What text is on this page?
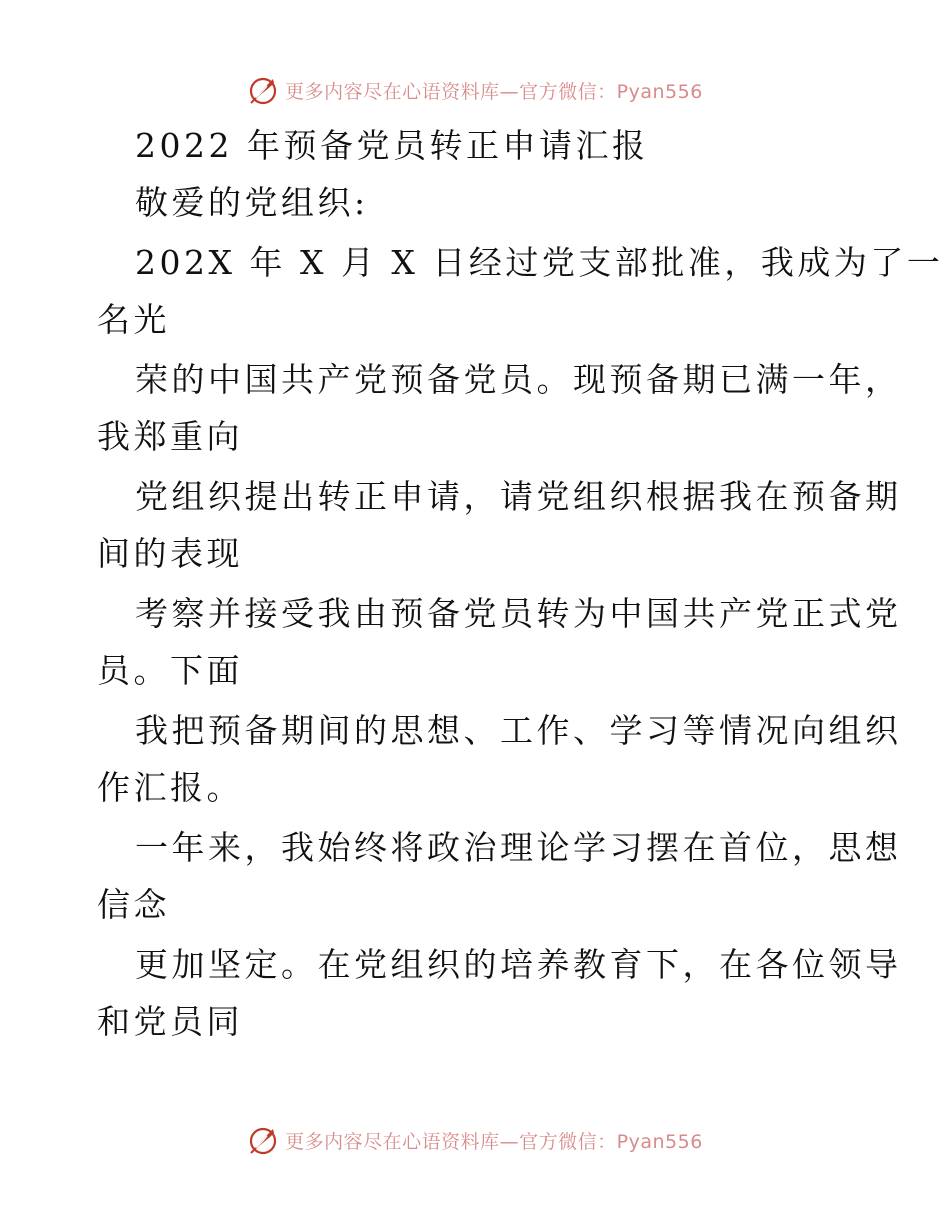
更多内容尽在心语资料库—官方微信：Pyan556
2022 年预备党员转正申请汇报
敬爱的党组织:
202X 年 X 月 X 日经过党支部批准，我成为了一
名光
荣的中国共产党预备党员。现预备期已满一年，
我郑重向
党组织提出转正申请，请党组织根据我在预备期
间的表现
考察并接受我由预备党员转为中国共产党正式党
员。下面
我把预备期间的思想、工作、学习等情况向组织
作汇报。
一年来，我始终将政治理论学习摆在首位，思想
信念
更加坚定。在党组织的培养教育下，在各位领导
和党员同
更多内容尽在心语资料库—官方微信：Pyan556
